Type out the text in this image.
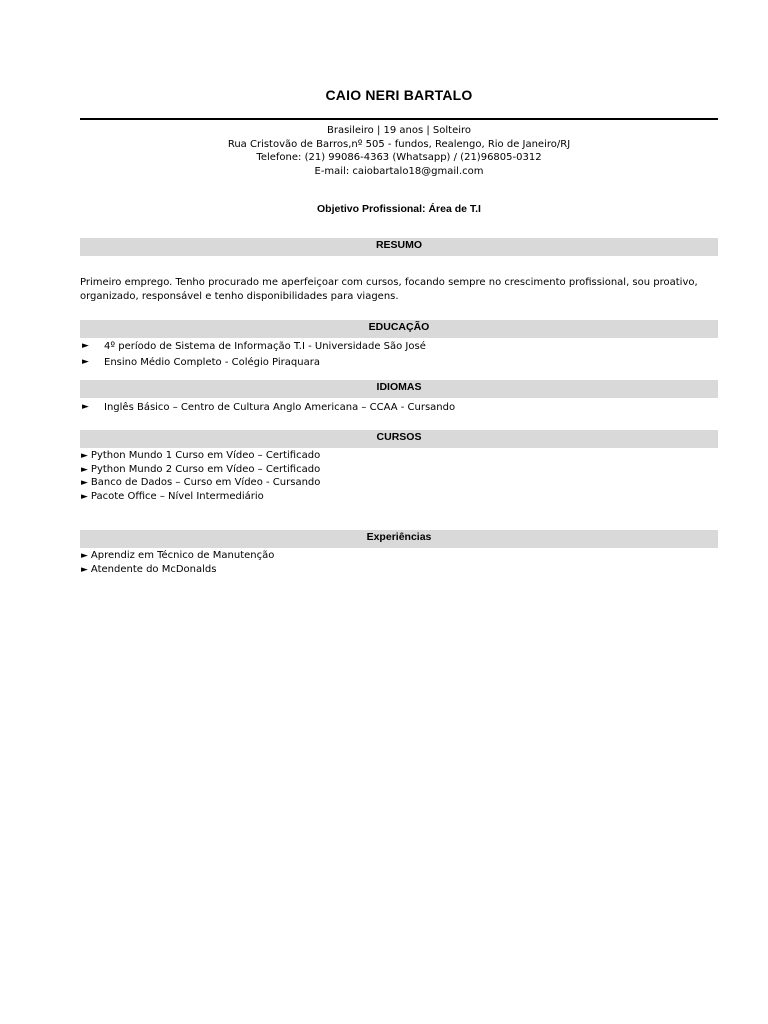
CAIO NERI BARTALO
Brasileiro | 19 anos | Solteiro
Rua Cristovão de Barros,nº 505 - fundos, Realengo, Rio de Janeiro/RJ
Telefone: (21) 99086-4363 (Whatsapp) / (21)96805-0312
E-mail: caiobartalo18@gmail.com
Objetivo Profissional: Área de T.I
RESUMO
Primeiro emprego. Tenho procurado me aperfeiçoar com cursos, focando sempre no crescimento profissional, sou proativo, organizado, responsável e tenho disponibilidades para viagens.
EDUCAÇÃO
► 4º período de Sistema de Informação T.I - Universidade São José
► Ensino Médio Completo - Colégio Piraquara
IDIOMAS
► Inglês Básico – Centro de Cultura Anglo Americana – CCAA - Cursando
CURSOS
► Python Mundo 1 Curso em Vídeo – Certificado
► Python Mundo 2 Curso em Vídeo – Certificado
► Banco de Dados – Curso em Vídeo - Cursando
► Pacote Office – Nível Intermediário
Experiências
► Aprendiz em Técnico de Manutenção
► Atendente do McDonalds
